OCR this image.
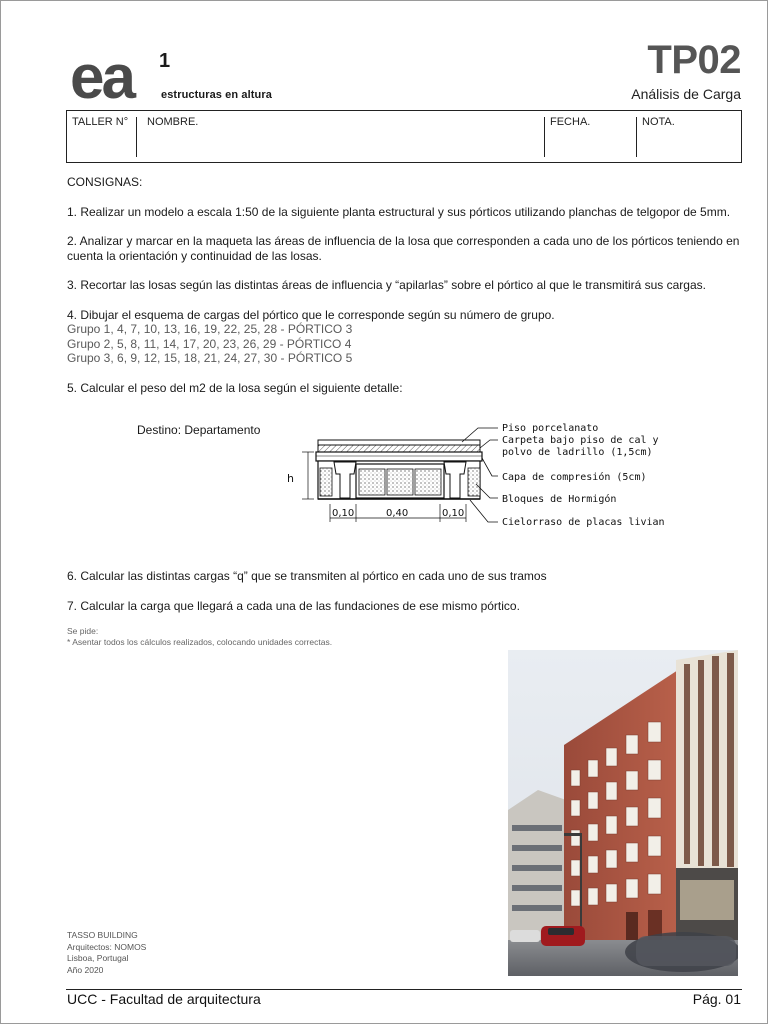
ea 1
estructuras en altura
TP02
Análisis de Carga
TALLER N° NOMBRE.	FECHA.	NOTA.

CONSIGNAS:

1. Realizar un modelo a escala 1:50 de la siguiente planta estructural y sus pórticos utilizando planchas de telgopor de 5mm.

2. Analizar y marcar en la maqueta las áreas de influencia de la losa que corresponden a cada uno de los pórticos teniendo en

cuenta la orientación y continuidad de las losas.

3. Recortar las losas según las distintas áreas de influencia y “apilarlas” sobre el pórtico al que le transmitirá sus cargas.

4. Dibujar el esquema de cargas del pórtico que le corresponde según su número de grupo.

Grupo 1, 4, 7, 10, 13, 16, 19, 22, 25, 28 - PÓRTICO 3

Grupo 2, 5, 8, 11, 14, 17, 20, 23, 26, 29 - PÓRTICO 4

Grupo 3, 6, 9, 12, 15, 18, 21, 24, 27, 30 - PÓRTICO 5

5. Calcular el peso del m2 de la losa según el siguiente detalle:

Destino: Departamento
h
0,10	0,40	0,10
Piso porcelanato
Carpeta bajo piso de cal y
polvo de ladrillo (1,5cm)
Capa de compresión (5cm)
Bloques de Hormigón
Cielorraso de placas livianas

6. Calcular las distintas cargas “q” que se transmiten al pórtico en cada uno de sus tramos

7. Calcular la carga que llegará a cada una de las fundaciones de ese mismo pórtico.

Se pide:
* Asentar todos los cálculos realizados, colocando unidades correctas.
TASSO BUILDING
Arquitectos: NOMOS
Lisboa, Portugal
Año 2020
UCC - Facultad de arquitectura	Pág. 01
